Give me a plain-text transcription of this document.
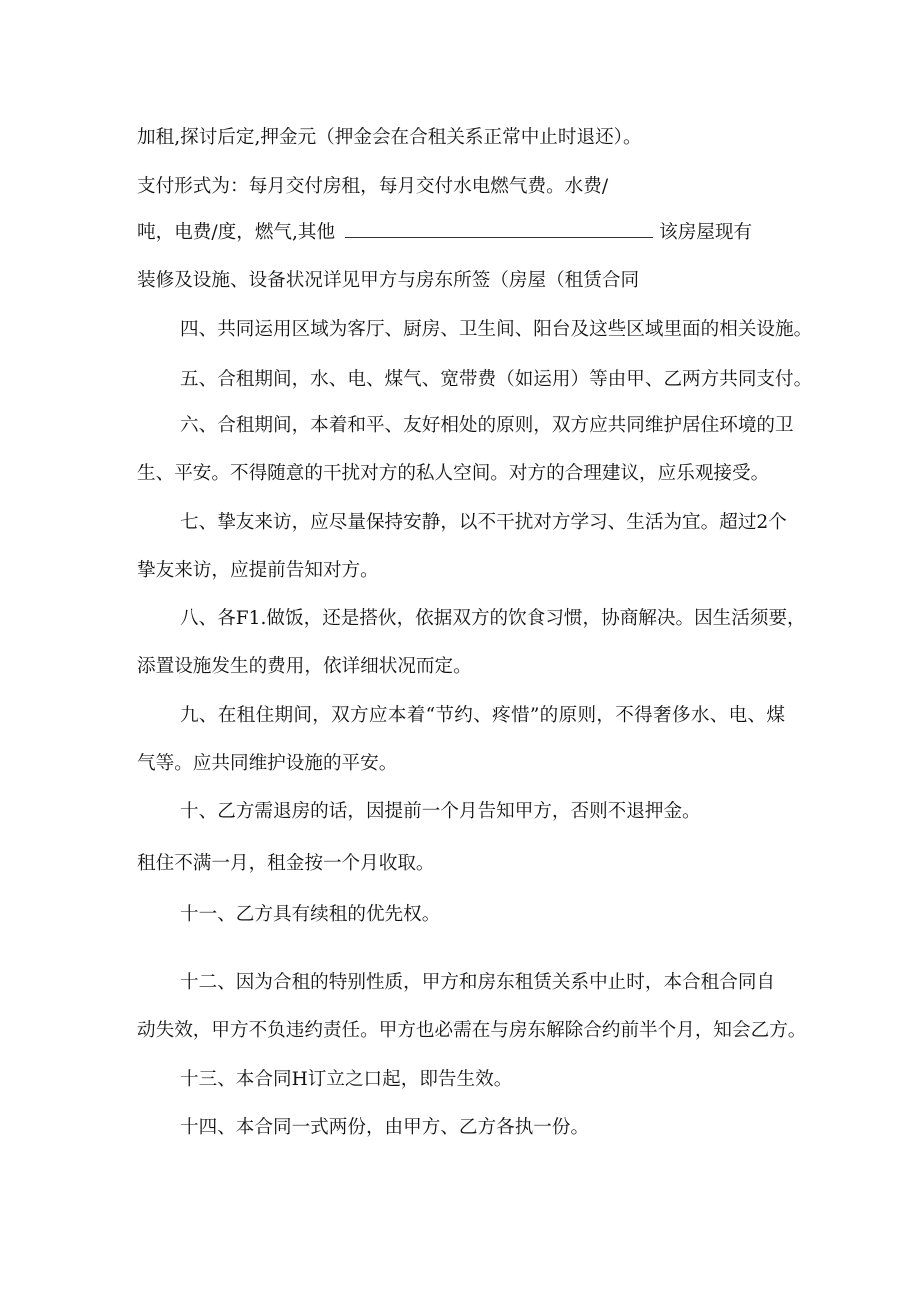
加租,探讨后定,押金元（押金会在合租关系正常中止时退还）。
支付形式为：每月交付房租，每月交付水电燃气费。水费/
吨，电费/度，燃气,其他	该房屋现有
装修及设施、设备状况详见甲方与房东所签（房屋（租赁合同
四、共同运用区域为客厅、厨房、卫生间、阳台及这些区域里面的相关设施。
五、合租期间，水、电、煤气、宽带费（如运用）等由甲、乙两方共同支付。
六、合租期间，本着和平、友好相处的原则，双方应共同维护居住环境的卫
生、平安。不得随意的干扰对方的私人空间。对方的合理建议，应乐观接受。
七、挚友来访，应尽量保持安静，以不干扰对方学习、生活为宜。超过2个
挚友来访，应提前告知对方。
八、各F1.做饭，还是搭伙，依据双方的饮食习惯，协商解决。因生活须要，
添置设施发生的费用，依详细状况而定。
九、在租住期间，双方应本着“节约、疼惜”的原则，不得奢侈水、电、煤
气等。应共同维护设施的平安。
十、乙方需退房的话，因提前一个月告知甲方，否则不退押金。
租住不满一月，租金按一个月收取。
十一、乙方具有续租的优先权。
十二、因为合租的特别性质，甲方和房东租赁关系中止时，本合租合同自
动失效，甲方不负违约责任。甲方也必需在与房东解除合约前半个月，知会乙方。
十三、本合同H订立之口起，即告生效。
十四、本合同一式两份，由甲方、乙方各执一份。
